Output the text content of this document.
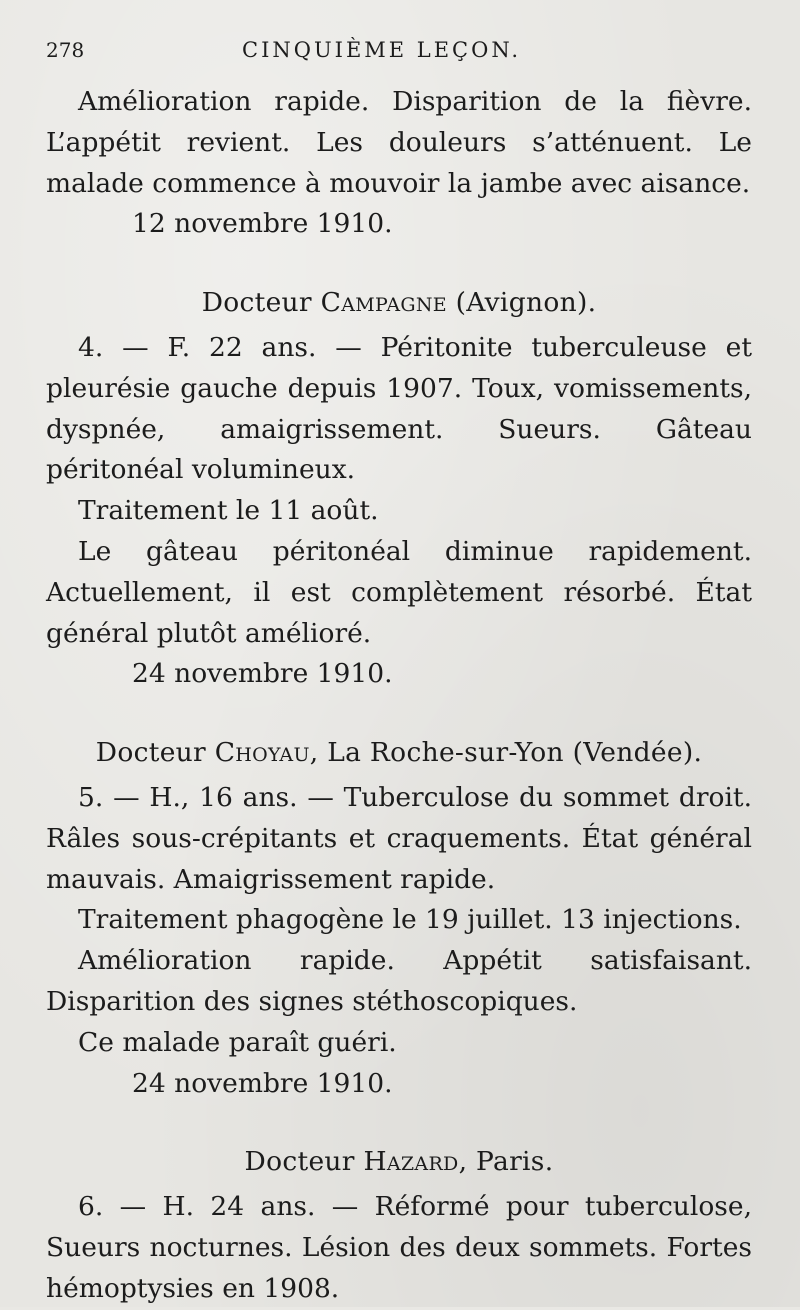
278	CINQUIÈME LEÇON.

Amélioration rapide. Disparition de la fièvre. L’appétit revient. Les douleurs s’atténuent. Le malade commence à mouvoir la jambe avec aisance.

12 novembre 1910.

Docteur Campagne (Avignon).

4. — F. 22 ans. — Péritonite tuberculeuse et pleurésie gauche depuis 1907. Toux, vomissements, dyspnée, amaigrissement. Sueurs. Gâteau péritonéal volumineux.

Traitement le 11 août.

Le gâteau péritonéal diminue rapidement. Actuellement, il est complètement résorbé. État général plutôt amélioré.

24 novembre 1910.

Docteur Choyau, La Roche-sur-Yon (Vendée).

5. — H., 16 ans. — Tuberculose du sommet droit. Râles sous-crépitants et craquements. État général mauvais. Amaigrissement rapide.

Traitement phagogène le 19 juillet. 13 injections.

Amélioration rapide. Appétit satisfaisant. Disparition des signes stéthoscopiques.

Ce malade paraît guéri.

24 novembre 1910.

Docteur Hazard, Paris.

6. — H. 24 ans. — Réformé pour tuberculose, Sueurs nocturnes. Lésion des deux sommets. Fortes hémoptysies en 1908.
